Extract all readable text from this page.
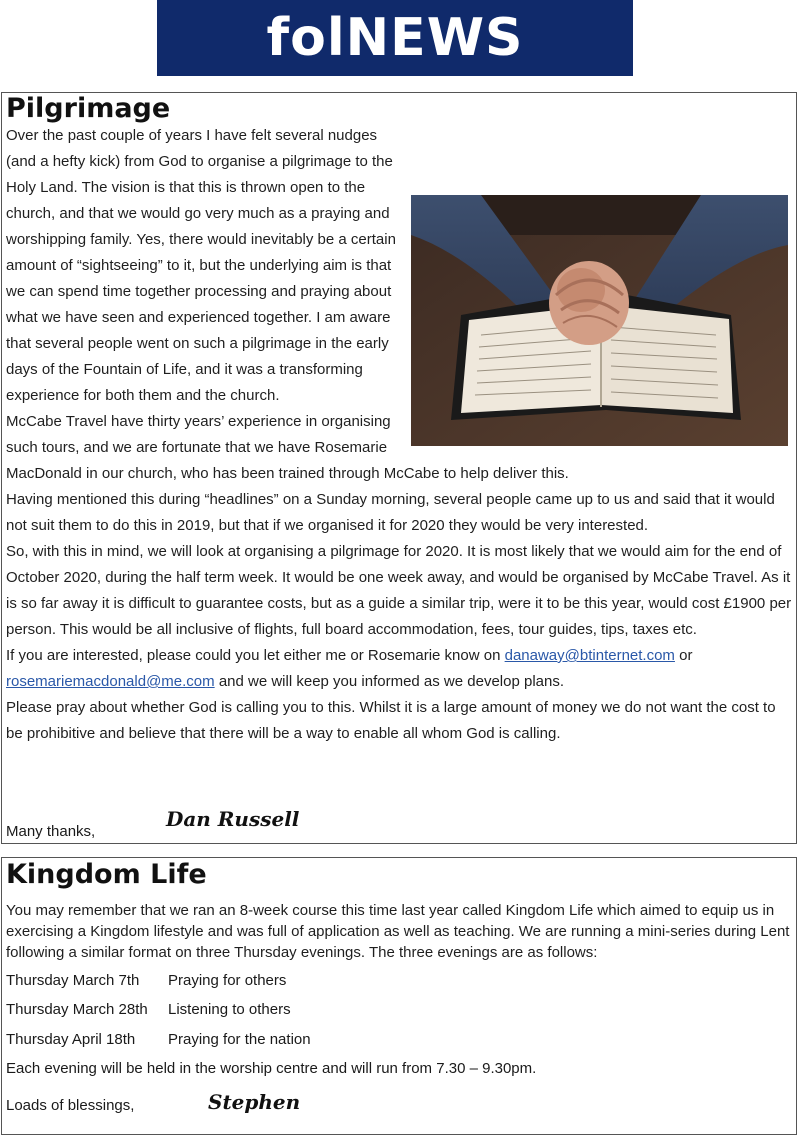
folNEWS
Pilgrimage

Over the past couple of years I have felt several nudges (and a hefty kick) from God to organise a pilgrimage to the Holy Land. The vision is that this is thrown open to the church, and that we would go very much as a praying and worshipping family. Yes, there would inevitably be a certain amount of “sightseeing” to it, but the underlying aim is that we can spend time together processing and praying about what we have seen and experienced together. I am aware that several people went on such a pilgrimage in the early days of the Fountain of Life, and it was a transforming experience for both them and the church.

McCabe Travel have thirty years’ experience in organising such tours, and we are fortunate that we have Rosemarie MacDonald in our church, who has been trained through McCabe to help deliver this.

Having mentioned this during “headlines” on a Sunday morning, several people came up to us and said that it would not suit them to do this in 2019, but that if we organised it for 2020 they would be very interested.

So, with this in mind, we will look at organising a pilgrimage for 2020. It is most likely that we would aim for the end of October 2020, during the half term week. It would be one week away, and would be organised by McCabe Travel. As it is so far away it is difficult to guarantee costs, but as a guide a similar trip, were it to be this year, would cost £1900 per person. This would be all inclusive of flights, full board accommodation, fees, tour guides, tips, taxes etc.

If you are interested, please could you let either me or Rosemarie know on danaway@btinternet.com or rosemariemacdonald@me.com and we will keep you informed as we develop plans.

Please pray about whether God is calling you to this. Whilst it is a large amount of money we do not want the cost to be prohibitive and believe that there will be a way to enable all whom God is calling.

Many thanks,
Dan Russell
Kingdom Life

You may remember that we ran an 8-week course this time last year called Kingdom Life which aimed to equip us in exercising a Kingdom lifestyle and was full of application as well as teaching. We are running a mini-series during Lent following a similar format on three Thursday evenings. The three evenings are as follows:

Thursday March 7th Praying for others
Thursday March 28th Listening to others
Thursday April 18th Praying for the nation
Each evening will be held in the worship centre and will run from 7.30 – 9.30pm.
Loads of blessings,	Stephen
